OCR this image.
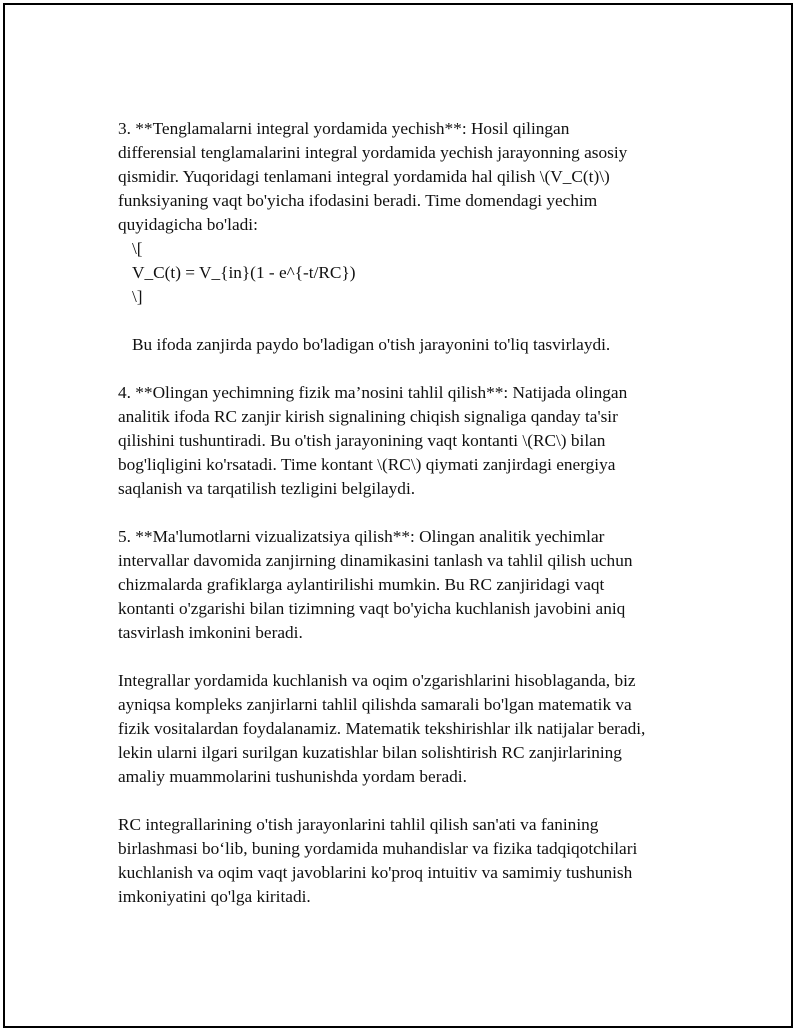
3. **Tenglamalarni integral yordamida yechish**: Hosil qilingan
differensial tenglamalarini integral yordamida yechish jarayonning asosiy
qismidir. Yuqoridagi tenlamani integral yordamida hal qilish \(V_C(t)\)
funksiyaning vaqt bo'yicha ifodasini beradi. Time domendagi yechim
quyidagicha bo'ladi:
\[
V_C(t) = V_{in}(1 - e^{-t/RC})
\]
Bu ifoda zanjirda paydo bo'ladigan o'tish jarayonini to'liq tasvirlaydi.
4. **Olingan yechimning fizik ma’nosini tahlil qilish**: Natijada olingan
analitik ifoda RC zanjir kirish signalining chiqish signaliga qanday ta'sir
qilishini tushuntiradi. Bu o'tish jarayonining vaqt kontanti \(RC\) bilan
bog'liqligini ko'rsatadi. Time kontant \(RC\) qiymati zanjirdagi energiya
saqlanish va tarqatilish tezligini belgilaydi.
5. **Ma'lumotlarni vizualizatsiya qilish**: Olingan analitik yechimlar
intervallar davomida zanjirning dinamikasini tanlash va tahlil qilish uchun
chizmalarda grafiklarga aylantirilishi mumkin. Bu RC zanjiridagi vaqt
kontanti o'zgarishi bilan tizimning vaqt bo'yicha kuchlanish javobini aniq
tasvirlash imkonini beradi.
Integrallar yordamida kuchlanish va oqim o'zgarishlarini hisoblaganda, biz
ayniqsa kompleks zanjirlarni tahlil qilishda samarali bo'lgan matematik va
fizik vositalardan foydalanamiz. Matematik tekshirishlar ilk natijalar beradi,
lekin ularni ilgari surilgan kuzatishlar bilan solishtirish RC zanjirlarining
amaliy muammolarini tushunishda yordam beradi.
RC integrallarining o'tish jarayonlarini tahlil qilish san'ati va fanining
birlashmasi bo‘lib, buning yordamida muhandislar va fizika tadqiqotchilari
kuchlanish va oqim vaqt javoblarini ko'proq intuitiv va samimiy tushunish
imkoniyatini qo'lga kiritadi.
